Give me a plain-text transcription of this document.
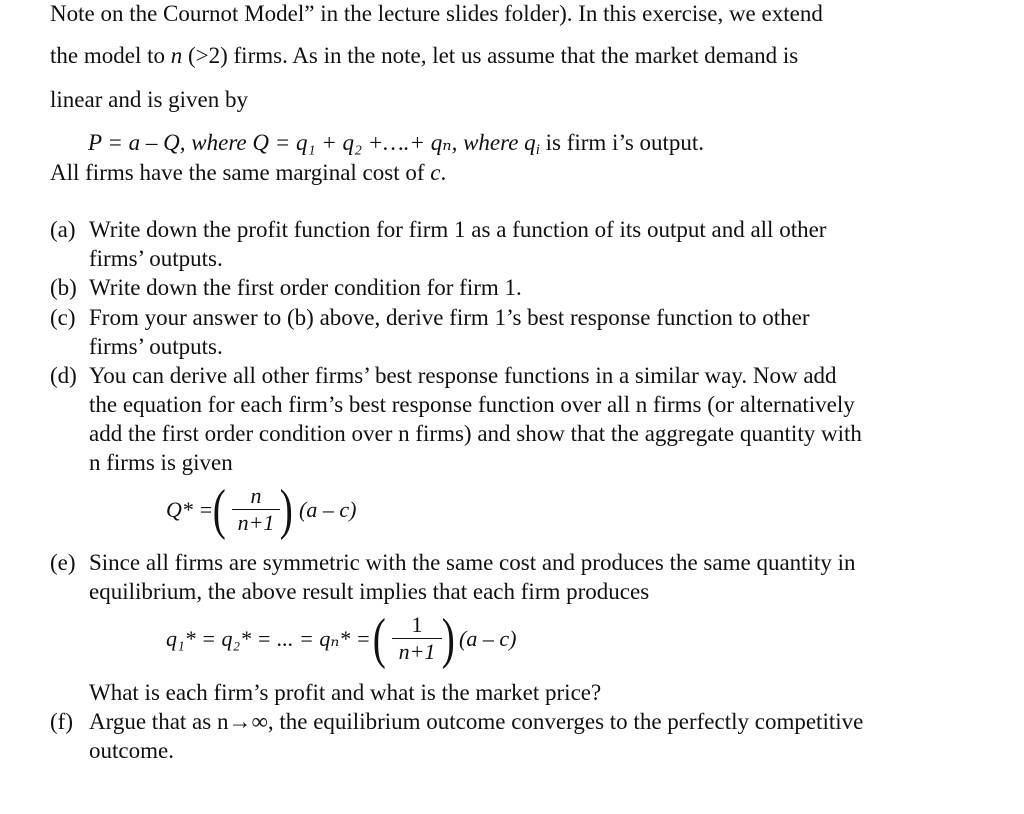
Note on the Cournot Model” in the lecture slides folder). In this exercise, we extend
the model to n (>2) firms. As in the note, let us assume that the market demand is
linear and is given by
P = a – Q, where Q = q₁ + q₂ +….+ qₙ, where qi is firm i’s output.
All firms have the same marginal cost of c.
(a) Write down the profit function for firm 1 as a function of its output and all other
firms’ outputs.
(b) Write down the first order condition for firm 1.
(c) From your answer to (b) above, derive firm 1’s best response function to other
firms’ outputs.
(d) You can derive all other firms’ best response functions in a similar way. Now add
the equation for each firm’s best response function over all n firms (or alternatively
add the first order condition over n firms) and show that the aggregate quantity with
n firms is given
Q* = (	n
n+1 ) (a – c)
(e) Since all firms are symmetric with the same cost and produces the same quantity in
equilibrium, the above result implies that each firm produces
q₁* = q₂* = ... = qₙ* = (	1
n+1 ) (a – c)
What is each firm’s profit and what is the market price?
(f) Argue that as n→∞, the equilibrium outcome converges to the perfectly competitive
outcome.
